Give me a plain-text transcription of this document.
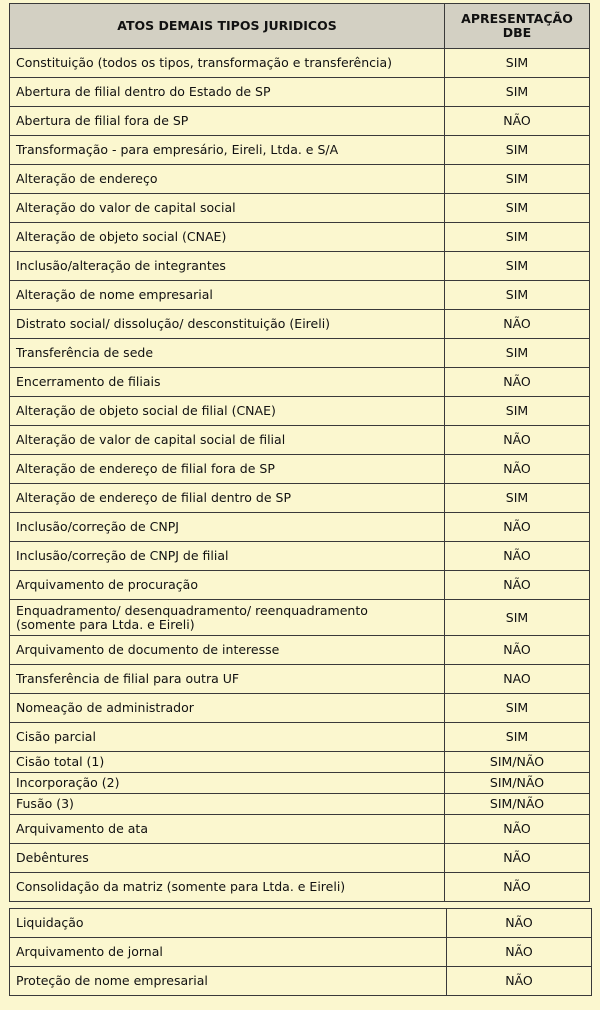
ATOS DEMAIS TIPOS JURIDICOS	APRESENTAÇÃO
DBE
Constituição (todos os tipos, transformação e transferência)	SIM
Abertura de filial dentro do Estado de SP	SIM
Abertura de filial fora de SP	NÃO
Transformação - para empresário, Eireli, Ltda. e S/A	SIM
Alteração de endereço	SIM
Alteração do valor de capital social	SIM
Alteração de objeto social (CNAE)	SIM
Inclusão/alteração de integrantes	SIM
Alteração de nome empresarial	SIM
Distrato social/ dissolução/ desconstituição (Eireli)	NÃO
Transferência de sede	SIM
Encerramento de filiais	NÃO
Alteração de objeto social de filial (CNAE)	SIM
Alteração de valor de capital social de filial	NÃO
Alteração de endereço de filial fora de SP	NÃO
Alteração de endereço de filial dentro de SP	SIM
Inclusão/correção de CNPJ	NÃO
Inclusão/correção de CNPJ de filial	NÃO
Arquivamento de procuração	NÃO
Enquadramento/ desenquadramento/ reenquadramento
(somente para Ltda. e Eireli)	SIM
Arquivamento de documento de interesse	NÃO
Transferência de filial para outra UF	NAO
Nomeação de administrador	SIM
Cisão parcial	SIM
Cisão total (1)	SIM/NÃO
Incorporação (2)	SIM/NÃO
Fusão (3)	SIM/NÃO
Arquivamento de ata	NÃO
Debêntures	NÃO
Consolidação da matriz (somente para Ltda. e Eireli)	NÃO
Liquidação	NÃO
Arquivamento de jornal	NÃO
Proteção de nome empresarial	NÃO
